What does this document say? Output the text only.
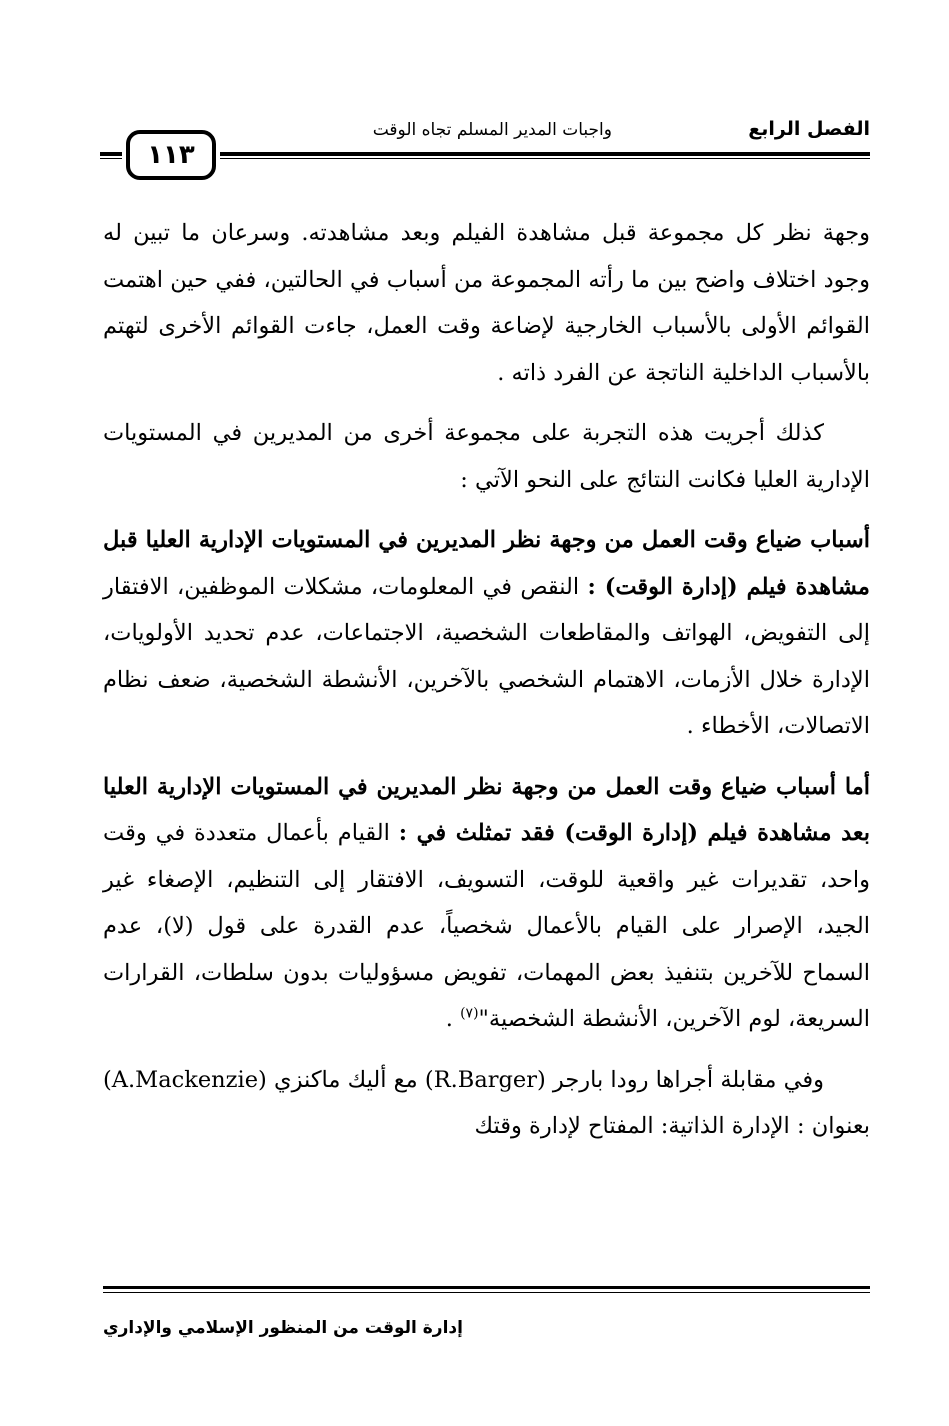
الفصل الرابع
واجبات المدير المسلم تجاه الوقت
١١٣

وجهة نظر كل مجموعة قبل مشاهدة الفيلم وبعد مشاهدته. وسرعان ما تبين له وجود اختلاف واضح بين ما رأته المجموعة من أسباب في الحالتين، ففي حين اهتمت القوائم الأولى بالأسباب الخارجية لإضاعة وقت العمل، جاءت القوائم الأخرى لتهتم بالأسباب الداخلية الناتجة عن الفرد ذاته .

كذلك أجريت هذه التجربة على مجموعة أخرى من المديرين في المستويات الإدارية العليا فكانت النتائج على النحو الآتي :

أسباب ضياع وقت العمل من وجهة نظر المديرين في المستويات الإدارية العليا قبل مشاهدة فيلم (إدارة الوقت) : النقص في المعلومات، مشكلات الموظفين، الافتقار إلى التفويض، الهواتف والمقاطعات الشخصية، الاجتماعات، عدم تحديد الأولويات، الإدارة خلال الأزمات، الاهتمام الشخصي بالآخرين، الأنشطة الشخصية، ضعف نظام الاتصالات، الأخطاء .

أما أسباب ضياع وقت العمل من وجهة نظر المديرين في المستويات الإدارية العليا بعد مشاهدة فيلم (إدارة الوقت) فقد تمثلث في : القيام بأعمال متعددة في وقت واحد، تقديرات غير واقعية للوقت، التسويف، الافتقار إلى التنظيم، الإصغاء غير الجيد، الإصرار على القيام بالأعمال شخصياً، عدم القدرة على قول (لا)، عدم السماح للآخرين بتنفيذ بعض المهمات، تفويض مسؤوليات بدون سلطات، القرارات السريعة، لوم الآخرين، الأنشطة الشخصية"$^{(٧)}$ .

وفي مقابلة أجراها رودا بارجر (R.Barger) مع أليك ماكنزي (A.Mackenzie) بعنوان : الإدارة الذاتية: المفتاح لإدارة وقتك

إدارة الوقت من المنظور الإسلامي والإداري
